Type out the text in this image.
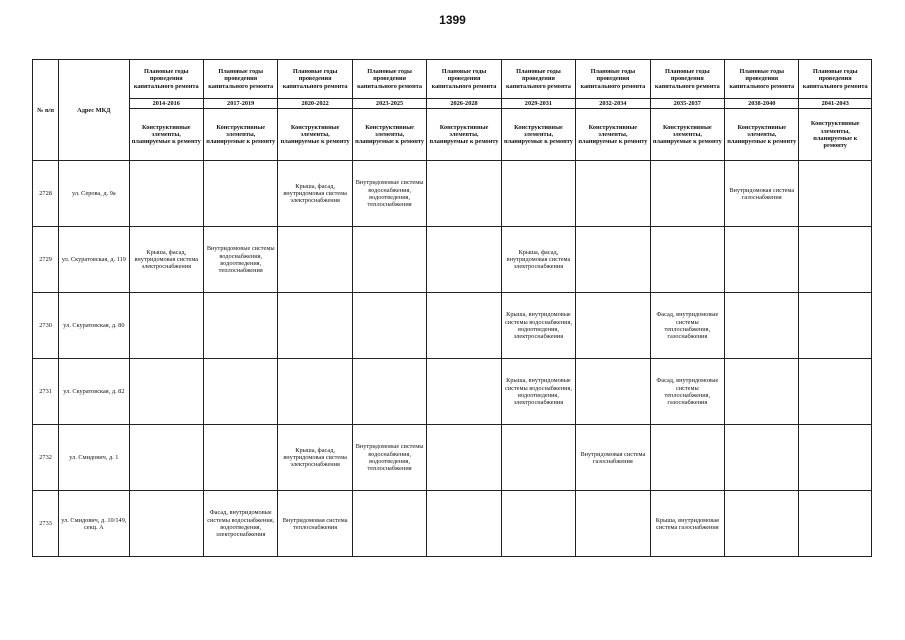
1399
№ п/п	Адрес МКД	Плановые годы проведения капитального ремонта	Плановые годы проведения капитального ремонта	Плановые годы проведения капитального ремонта	Плановые годы проведения капитального ремонта	Плановые годы проведения капитального ремонта	Плановые годы проведения капитального ремонта	Плановые годы проведения капитального ремонта	Плановые годы проведения капитального ремонта	Плановые годы проведения капитального ремонта	Плановые годы проведения капитального ремонта
		2014-2016	2017-2019	2020-2022	2023-2025	2026-2028	2029-2031	2032-2034	2035-2037	2038-2040	2041-2043
		Конструктивные элементы, планируемые к ремонту	Конструктивные элементы, планируемые к ремонту	Конструктивные элементы, планируемые к ремонту	Конструктивные элементы, планируемые к ремонту	Конструктивные элементы, планируемые к ремонту	Конструктивные элементы, планируемые к ремонту	Конструктивные элементы, планируемые к ремонту	Конструктивные элементы, планируемые к ремонту	Конструктивные элементы, планируемые к ремонту	Конструктивные элементы, планируемые к ремонту
2728	ул. Серова, д. 9а			Крыша, фасад, внутридомовая система электроснабжения	Внутридомовые системы водоснабжения, водоотведения, теплоснабжения					Внутридомовая система газоснабжения	
2729	ул. Скуратовская, д. 119	Крыша, фасад, внутридомовая система электроснабжения	Внутридомовые системы водоснабжения, водоотведения, теплоснабжения				Крыша, фасад, внутридомовая система электроснабжения				
2730	ул. Скуратовская, д. 80						Крыша, внутридомовые системы водоснабжения, водоотведения, электроснабжения		Фасад, внутридомовые системы теплоснабжения, газоснабжения		
2731	ул. Скуратовская, д. 82						Крыша, внутридомовые системы водоснабжения, водоотведения, электроснабжения		Фасад, внутридомовые системы теплоснабжения, газоснабжения		
2732	ул. Смидович, д. 1			Крыша, фасад, внутридомовая система электроснабжения	Внутридомовые системы водоснабжения, водоотведения, теплоснабжения			Внутридомовая система газоснабжения			
2733	ул. Смидович, д. 10/149, секц. А		Фасад, внутридомовые системы водоснабжения, водоотведения, электроснабжения	Внутридомовая система теплоснабжения					Крыша, внутридомовая система газоснабжения		
